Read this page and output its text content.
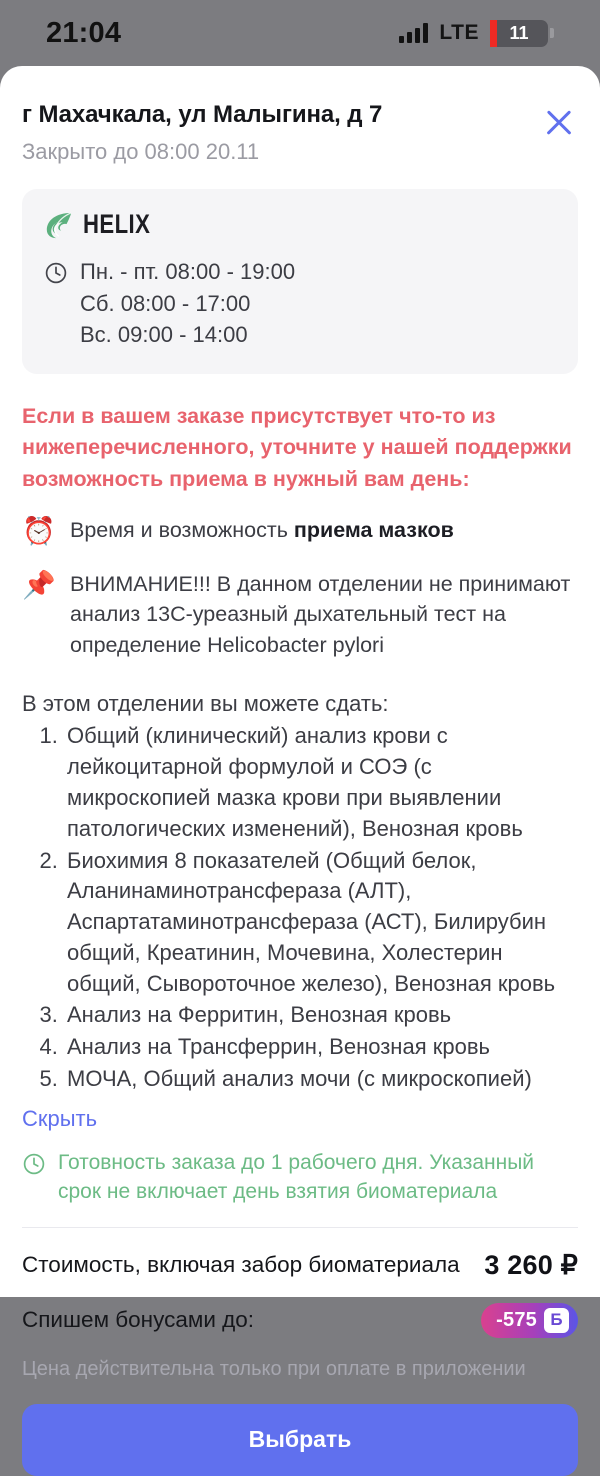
21:04	LTE	11
г Махачкала, ул Малыгина, д 7
Закрыто до 08:00 20.11
HELIX
Пн. - пт. 08:00 - 19:00
Сб. 08:00 - 17:00
Вс. 09:00 - 14:00
Если в вашем заказе присутствует что-то из нижеперечисленного, уточните у нашей поддержки возможность приема в нужный вам день:
⏰ Время и возможность приема мазков
📌 ВНИМАНИЕ!!! В данном отделении не принимают анализ 13С-уреазный дыхательный тест на определение Helicobacter pylori
В этом отделении вы можете сдать:
1. Общий (клинический) анализ крови с лейкоцитарной формулой и СОЭ (с микроскопией мазка крови при выявлении патологических изменений), Венозная кровь
2. Биохимия 8 показателей (Общий белок, Аланинаминотрансфераза (АЛТ), Аспартатаминотрансфераза (АСТ), Билирубин общий, Креатинин, Мочевина, Холестерин общий, Сывороточное железо), Венозная кровь
3. Анализ на Ферритин, Венозная кровь
4. Анализ на Трансферрин, Венозная кровь
5. МОЧА, Общий анализ мочи (с микроскопией)
Скрыть
Готовность заказа до 1 рабочего дня. Указанный срок не включает день взятия биоматериала
Стоимость, включая забор биоматериала 3 260 ₽
Спишем бонусами до:	-575 Б
Цена действительна только при оплате в приложении
Выбрать
